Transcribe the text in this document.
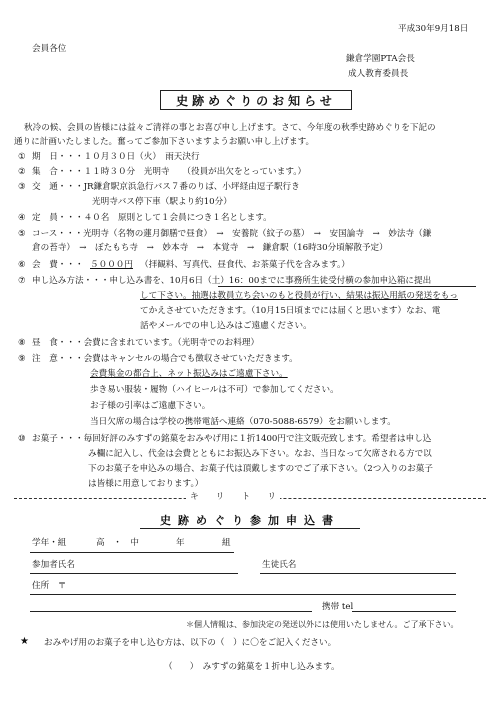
平成30年9月18日
会員各位
鎌倉学園PTA会長
成人教育委員長
史跡めぐりのお知らせ
秋冷の候、会員の皆様には益々ご清祥の事とお喜び申し上げます。さて、今年度の秋季史跡めぐりを下記の
通りに計画いたしました。奮ってご参加下さいますようお願い申し上げます。
① 期　日・・・１０月３０日（火）　雨天決行
② 集　合・・・１１時３０分　光明寺　　（役員が出欠をとっています。）
③ 交　通・・・JR鎌倉駅京浜急行バス７番のりば、小坪経由逗子駅行き
光明寺バス停下車（駅より約10分）
④ 定　員・・・４０名　原則として１会員につき１名とします。
⑤ コース・・・光明寺（名物の蓮月御膳で昼食）　→　安養院（紋子の墓）　→　安国論寺　→　妙法寺（鎌
倉の苔寺）　→　ぼたもち寺　→　妙本寺　→　本覚寺　→　鎌倉駅（16時30分頃解散予定）
⑥ 会　費・・・ ５０００円 （拝観料、写真代、昼食代、お茶菓子代を含みます。）
⑦ 申し込み方法・・・申し込み書を、10月6日（土）16：00までに事務所生徒受付横の参加申込箱に提出
して下さい。抽選は教員立ち会いのもと役員が行い、結果は振込用紙の発送をもっ
てかえさせていただきます。（10月15日頃までには届くと思います）なお、電
話やメールでの申し込みはご遠慮ください。
⑧ 昼　食・・・会費に含まれています。（光明寺でのお料理）
⑨ 注　意・・・会費はキャンセルの場合でも徴収させていただきます。
会費集金の都合上、ネット振込みはご遠慮下さい。
歩き易い服装・履物（ハイヒールは不可）で参加してください。
お子様の引率はご遠慮下さい。
当日欠席の場合は学校の携帯電話へ連絡（070-5088-6579）をお願いします。
⑩ お菓子・・・毎回好評のみすずの銘菓をおみやげ用に１折1400円で注文販売致します。希望者は申し込
み欄に記入し、代金は会費とともにお振込み下さい。なお、当日なって欠席される方で以
下のお菓子を申込みの場合、お菓子代は頂戴しますのでご了承下さい。（2つ入りのお菓子
は皆様に用意しております。）
キ　　リ　　ト　　リ
史跡めぐり参加申込書
学年・組	高　・　中	年	組
参加者氏名	生徒氏名
住所　〒
携帯 tel
＊個人情報は、参加決定の発送以外には使用いたしません。ご了承下さい。
★ おみやげ用のお菓子を申し込む方は、以下の（　）に〇をご記入ください。
（　　）　みすずの銘菓を１折申し込みます。
